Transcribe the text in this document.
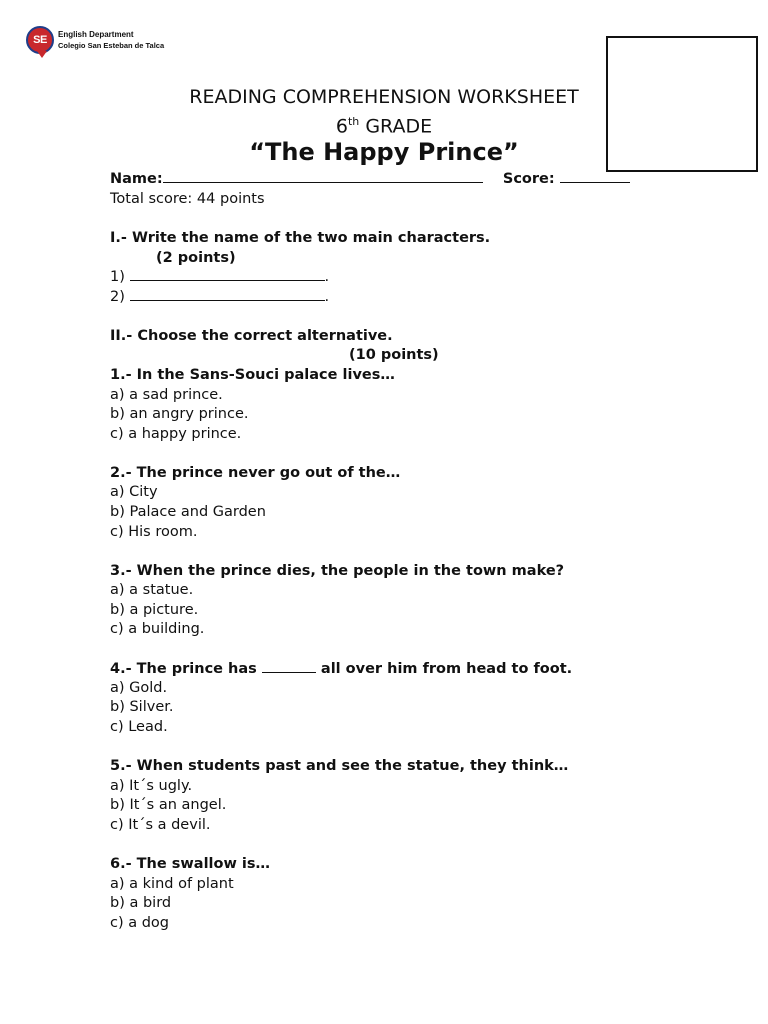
SE English Department
Colegio San Esteban de Talca
READING COMPREHENSION WORKSHEET
6th GRADE
“The Happy Prince”
Name:	Score:
Total score: 44 points
I.- Write the name of the two main characters.
(2 points)
1)	.
2)	.
II.- Choose the correct alternative.
(10 points)
1.- In the Sans-Souci palace lives…
a) a sad prince.
b) an angry prince.
c) a happy prince.
2.- The prince never go out of the…
a) City
b) Palace and Garden
c) His room.
3.- When the prince dies, the people in the town make?
a) a statue.
b) a picture.
c) a building.
4.- The prince has	all over him from head to foot.
a) Gold.
b) Silver.
c) Lead.
5.- When students past and see the statue, they think…
a) It´s ugly.
b) It´s an angel.
c) It´s a devil.
6.- The swallow is…
a) a kind of plant
b) a bird
c) a dog
